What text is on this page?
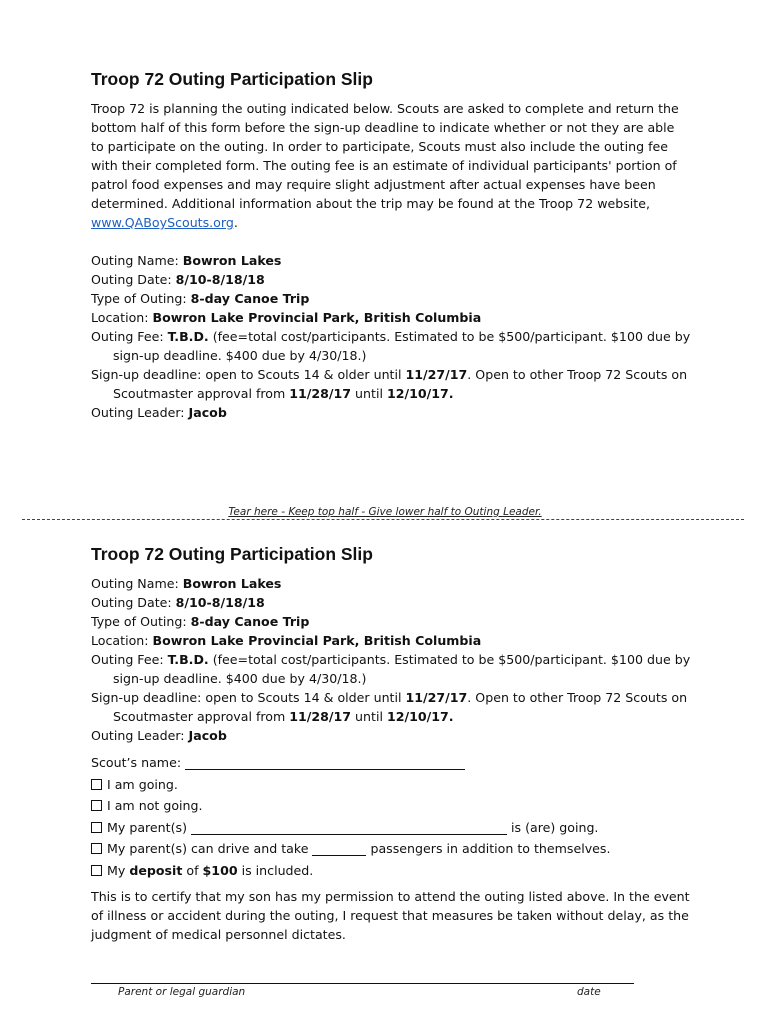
Troop 72 Outing Participation Slip

Troop 72 is planning the outing indicated below. Scouts are asked to complete and return the bottom half of this form before the sign-up deadline to indicate whether or not they are able to participate on the outing. In order to participate, Scouts must also include the outing fee with their completed form. The outing fee is an estimate of individual participants' portion of patrol food expenses and may require slight adjustment after actual expenses have been determined. Additional information about the trip may be found at the Troop 72 website, www.QABoyScouts.org.

Outing Name: Bowron Lakes

Outing Date: 8/10-8/18/18

Type of Outing: 8-day Canoe Trip

Location: Bowron Lake Provincial Park, British Columbia

Outing Fee: T.B.D. (fee=total cost/participants. Estimated to be $500/participant. $100 due by sign-up deadline. $400 due by 4/30/18.)

Sign-up deadline: open to Scouts 14 & older until 11/27/17. Open to other Troop 72 Scouts on
Scoutmaster approval from 11/28/17 until 12/10/17.

Outing Leader: Jacob

Tear here - Keep top half - Give lower half to Outing Leader.
Troop 72 Outing Participation Slip

Outing Name: Bowron Lakes

Outing Date: 8/10-8/18/18

Type of Outing: 8-day Canoe Trip

Location: Bowron Lake Provincial Park, British Columbia

Outing Fee: T.B.D. (fee=total cost/participants. Estimated to be $500/participant. $100 due by sign-up deadline. $400 due by 4/30/18.)

Sign-up deadline: open to Scouts 14 & older until 11/27/17. Open to other Troop 72 Scouts on
Scoutmaster approval from 11/28/17 until 12/10/17.

Outing Leader: Jacob

Scout’s name:
I am going.
I am not going.
My parent(s)	is (are) going.
My parent(s) can drive and take	passengers in addition to themselves.
My deposit of $100 is included.

This is to certify that my son has my permission to attend the outing listed above. In the event of illness or accident during the outing, I request that measures be taken without delay, as the judgment of medical personnel dictates.

Parent or legal guardian	date
